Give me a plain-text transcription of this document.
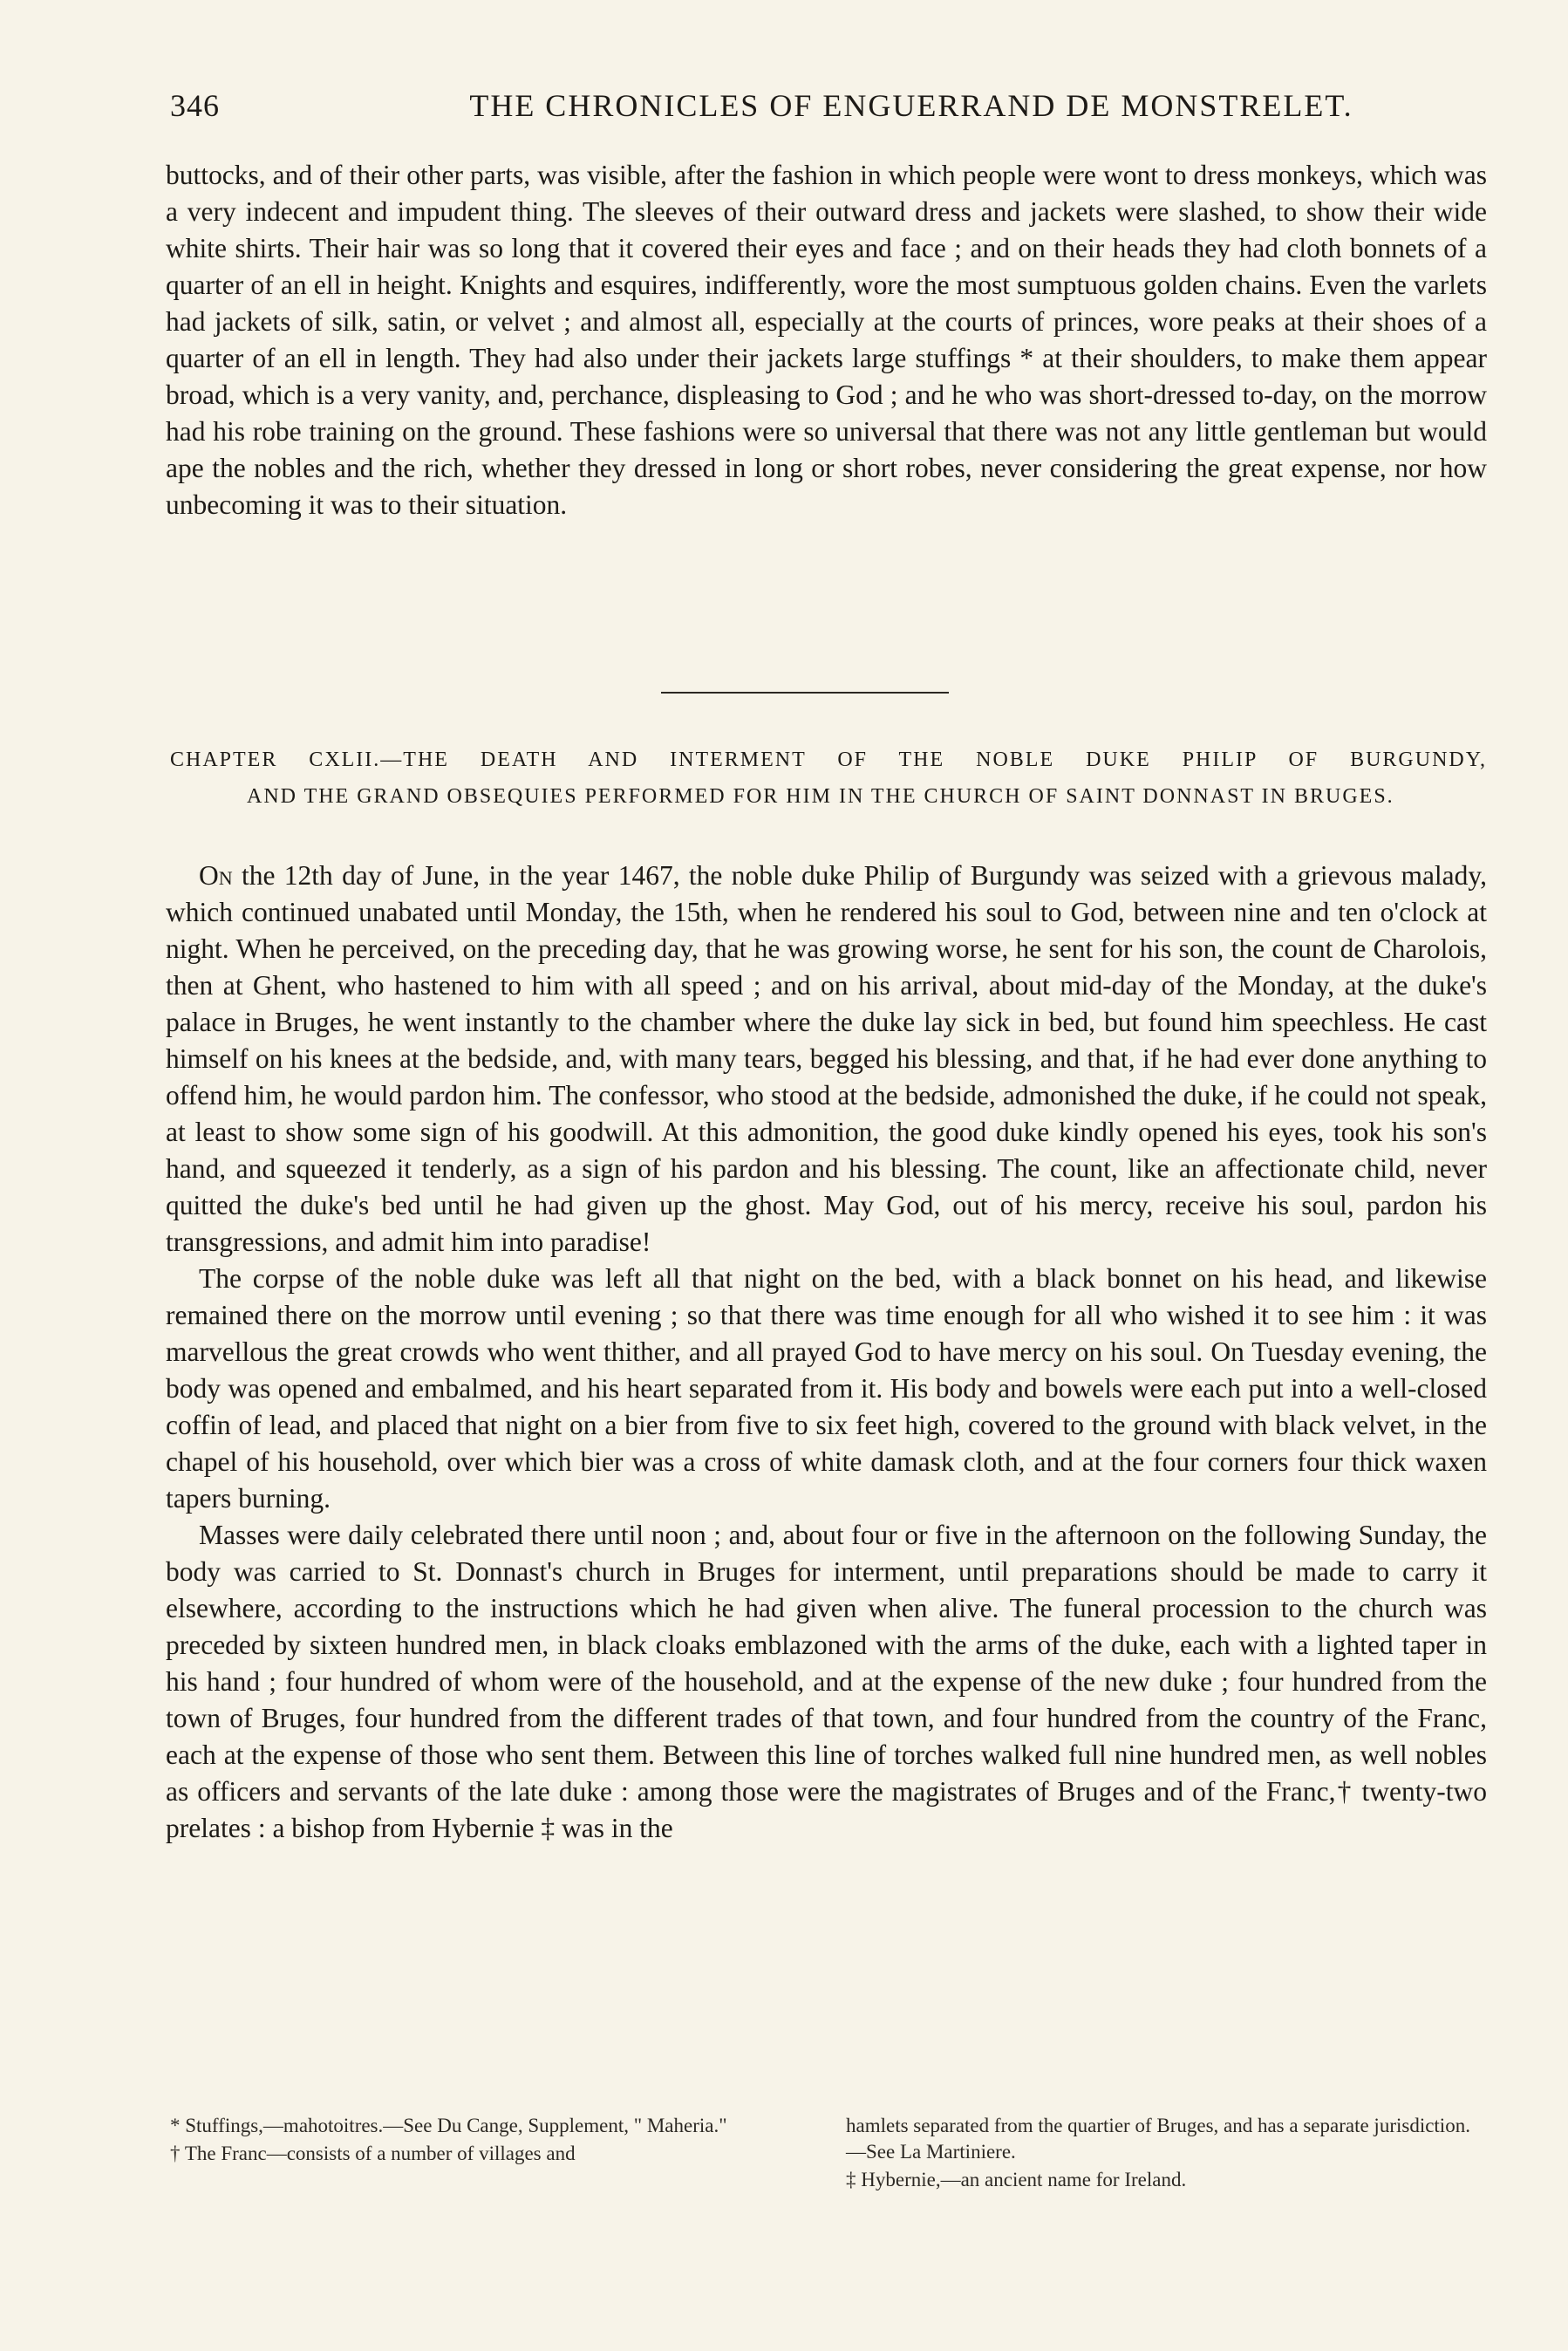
346	THE CHRONICLES OF ENGUERRAND DE MONSTRELET.

buttocks, and of their other parts, was visible, after the fashion in which people were wont to dress monkeys, which was a very indecent and impudent thing. The sleeves of their outward dress and jackets were slashed, to show their wide white shirts. Their hair was so long that it covered their eyes and face ; and on their heads they had cloth bonnets of a quarter of an ell in height. Knights and esquires, indifferently, wore the most sumptuous golden chains. Even the varlets had jackets of silk, satin, or velvet ; and almost all, especially at the courts of princes, wore peaks at their shoes of a quarter of an ell in length. They had also under their jackets large stuffings * at their shoulders, to make them appear broad, which is a very vanity, and, perchance, displeasing to God ; and he who was short-dressed to-day, on the morrow had his robe training on the ground. These fashions were so universal that there was not any little gentleman but would ape the nobles and the rich, whether they dressed in long or short robes, never considering the great expense, nor how unbecoming it was to their situation.

CHAPTER CXLII.—THE DEATH AND INTERMENT OF THE NOBLE DUKE PHILIP OF BURGUNDY,
AND THE GRAND OBSEQUIES PERFORMED FOR HIM IN THE CHURCH OF SAINT DONNAST IN BRUGES.

On the 12th day of June, in the year 1467, the noble duke Philip of Burgundy was seized with a grievous malady, which continued unabated until Monday, the 15th, when he rendered his soul to God, between nine and ten o'clock at night. When he perceived, on the preceding day, that he was growing worse, he sent for his son, the count de Charolois, then at Ghent, who hastened to him with all speed ; and on his arrival, about mid-day of the Monday, at the duke's palace in Bruges, he went instantly to the chamber where the duke lay sick in bed, but found him speechless. He cast himself on his knees at the bedside, and, with many tears, begged his blessing, and that, if he had ever done anything to offend him, he would pardon him. The confessor, who stood at the bedside, admonished the duke, if he could not speak, at least to show some sign of his goodwill. At this admonition, the good duke kindly opened his eyes, took his son's hand, and squeezed it tenderly, as a sign of his pardon and his blessing. The count, like an affectionate child, never quitted the duke's bed until he had given up the ghost. May God, out of his mercy, receive his soul, pardon his transgressions, and admit him into paradise!

The corpse of the noble duke was left all that night on the bed, with a black bonnet on his head, and likewise remained there on the morrow until evening ; so that there was time enough for all who wished it to see him : it was marvellous the great crowds who went thither, and all prayed God to have mercy on his soul. On Tuesday evening, the body was opened and embalmed, and his heart separated from it. His body and bowels were each put into a well-closed coffin of lead, and placed that night on a bier from five to six feet high, covered to the ground with black velvet, in the chapel of his household, over which bier was a cross of white damask cloth, and at the four corners four thick waxen tapers burning.

Masses were daily celebrated there until noon ; and, about four or five in the afternoon on the following Sunday, the body was carried to St. Donnast's church in Bruges for interment, until preparations should be made to carry it elsewhere, according to the instructions which he had given when alive. The funeral procession to the church was preceded by sixteen hundred men, in black cloaks emblazoned with the arms of the duke, each with a lighted taper in his hand ; four hundred of whom were of the household, and at the expense of the new duke ; four hundred from the town of Bruges, four hundred from the different trades of that town, and four hundred from the country of the Franc, each at the expense of those who sent them. Between this line of torches walked full nine hundred men, as well nobles as officers and servants of the late duke : among those were the magistrates of Bruges and of the Franc,† twenty-two prelates : a bishop from Hybernie ‡ was in the

* Stuffings,—mahotoitres.—See Du Cange, Supplement, " Maheria."

† The Franc—consists of a number of villages and

hamlets separated from the quartier of Bruges, and has a separate jurisdiction.—See La Martiniere.

‡ Hybernie,—an ancient name for Ireland.
